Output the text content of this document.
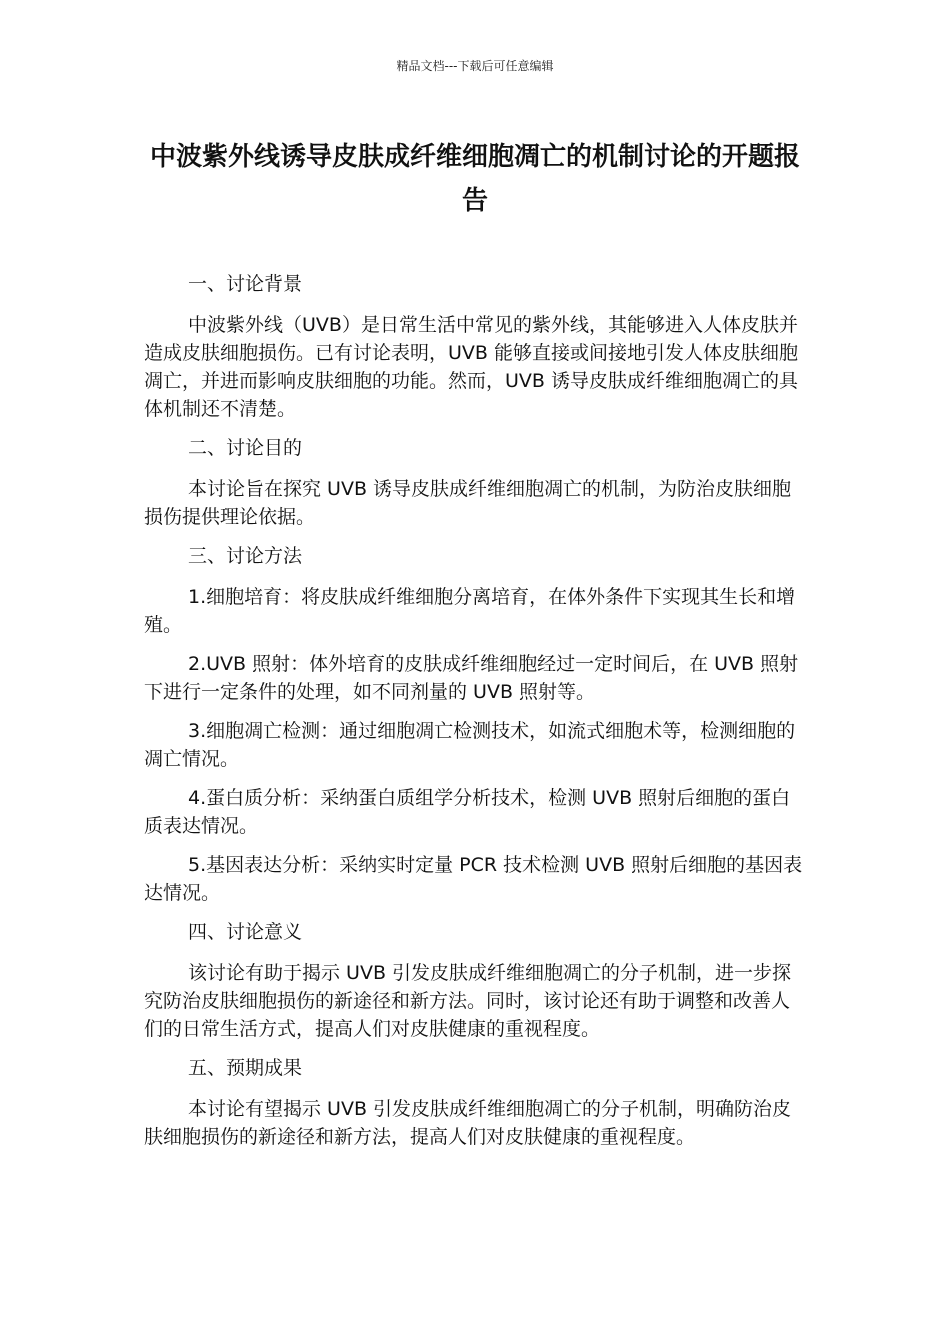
精品文档---下载后可任意编辑
中波紫外线诱导皮肤成纤维细胞凋亡的机制讨论的开题报告

一、讨论背景

中波紫外线（UVB）是日常生活中常见的紫外线，其能够进入人体皮肤并造成皮肤细胞损伤。已有讨论表明，UVB 能够直接或间接地引发人体皮肤细胞凋亡，并进而影响皮肤细胞的功能。然而，UVB 诱导皮肤成纤维细胞凋亡的具体机制还不清楚。

二、讨论目的

本讨论旨在探究 UVB 诱导皮肤成纤维细胞凋亡的机制，为防治皮肤细胞损伤提供理论依据。

三、讨论方法

1.细胞培育：将皮肤成纤维细胞分离培育，在体外条件下实现其生长和增殖。

2.UVB 照射：体外培育的皮肤成纤维细胞经过一定时间后，在 UVB 照射下进行一定条件的处理，如不同剂量的 UVB 照射等。

3.细胞凋亡检测：通过细胞凋亡检测技术，如流式细胞术等，检测细胞的凋亡情况。

4.蛋白质分析：采纳蛋白质组学分析技术，检测 UVB 照射后细胞的蛋白质表达情况。

5.基因表达分析：采纳实时定量 PCR 技术检测 UVB 照射后细胞的基因表达情况。

四、讨论意义

该讨论有助于揭示 UVB 引发皮肤成纤维细胞凋亡的分子机制，进一步探究防治皮肤细胞损伤的新途径和新方法。同时，该讨论还有助于调整和改善人们的日常生活方式，提高人们对皮肤健康的重视程度。

五、预期成果

本讨论有望揭示 UVB 引发皮肤成纤维细胞凋亡的分子机制，明确防治皮肤细胞损伤的新途径和新方法，提高人们对皮肤健康的重视程度。
